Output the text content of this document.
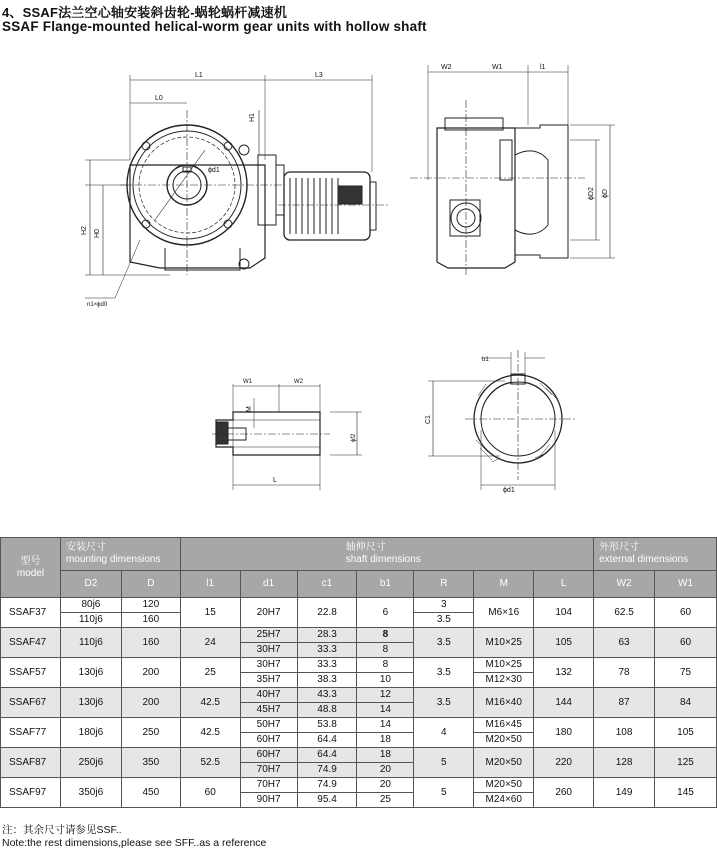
4、SSAF法兰空心轴安装斜齿轮-蜗轮蜗杆减速机
SSAF Flange-mounted helical-worm gear units with hollow shaft
L1	L3
L0
H1
H2 H0
ϕd1
n1×ϕd0
W2	W1	l1
ϕD2 ϕD
W1	W2
M
ϕf2
L
b1
C1
ϕd1
型号
model	安装尺寸
mounting dimensions		轴伸尺寸
shaft dimensions							外形尺寸
external dimensions	

	D2	D	l1	d1	c1	b1	R	M	L	W2	W1
SSAF37	80j6	120	15	20H7	22.8	6	3	M6×16	104	62.5	60
	110j6	160					3.5				
SSAF47	110j6	160	24	25H7	28.3	8	3.5	M10×25	105	63	60
				30H7	33.3	8					
SSAF57	130j6	200	25	30H7	33.3	8	3.5	M10×25	132	78	75
				35H7	38.3	10		M12×30			
SSAF67	130j6	200	42.5	40H7	43.3	12	3.5	M16×40	144	87	84
				45H7	48.8	14					
SSAF77	180j6	250	42.5	50H7	53.8	14	4	M16×45	180	108	105
				60H7	64.4	18		M20×50			
SSAF87	250j6	350	52.5	60H7	64.4	18	5	M20×50	220	128	125
				70H7	74.9	20					
SSAF97	350j6	450	60	70H7	74.9	20	5	M20×50	260	149	145
				90H7	95.4	25		M24×60			
注：其余尺寸请参见SSF..
Note:the rest dimensions,please see SFF..as a reference
